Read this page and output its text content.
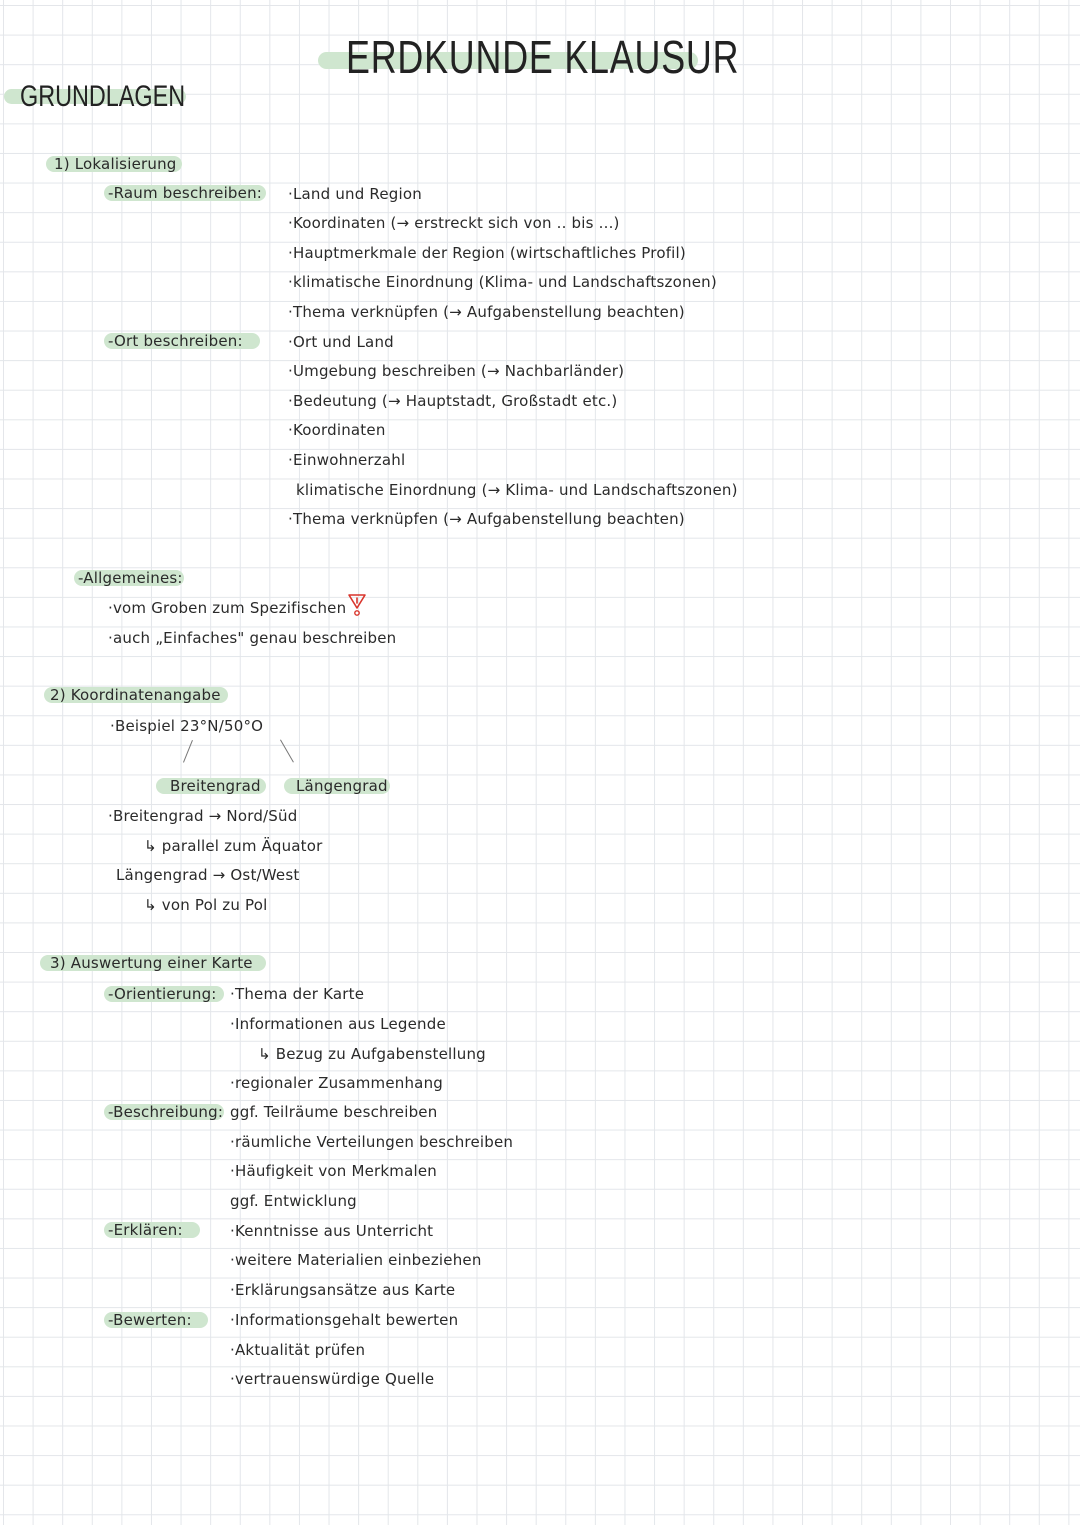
ERDKUNDE KLAUSUR
GRUNDLAGEN
1) Lokalisierung
-Raum beschreiben: ·Land und Region
·Koordinaten (→ erstreckt sich von .. bis ...)
·Hauptmerkmale der Region (wirtschaftliches Profil)
·klimatische Einordnung (Klima- und Landschaftszonen)
·Thema verknüpfen (→ Aufgabenstellung beachten)
-Ort beschreiben:	·Ort und Land
·Umgebung beschreiben (→ Nachbarländer)
·Bedeutung (→ Hauptstadt, Großstadt etc.)
·Koordinaten
·Einwohnerzahl
klimatische Einordnung (→ Klima- und Landschaftszonen)
·Thema verknüpfen (→ Aufgabenstellung beachten)
-Allgemeines:
·vom Groben zum Spezifischen
·auch „Einfaches" genau beschreiben
2) Koordinatenangabe
·Beispiel 23°N/50°O
Breitengrad Längengrad
·Breitengrad → Nord/Süd
↳ parallel zum Äquator
Längengrad → Ost/West
↳ von Pol zu Pol
3) Auswertung einer Karte
-Orientierung: ·Thema der Karte
·Informationen aus Legende
↳ Bezug zu Aufgabenstellung
·regionaler Zusammenhang
-Beschreibung: ggf. Teilräume beschreiben
·räumliche Verteilungen beschreiben
·Häufigkeit von Merkmalen
ggf. Entwicklung
-Erklären:	·Kenntnisse aus Unterricht
·weitere Materialien einbeziehen
·Erklärungsansätze aus Karte
-Bewerten:	·Informationsgehalt bewerten
·Aktualität prüfen
·vertrauenswürdige Quelle
